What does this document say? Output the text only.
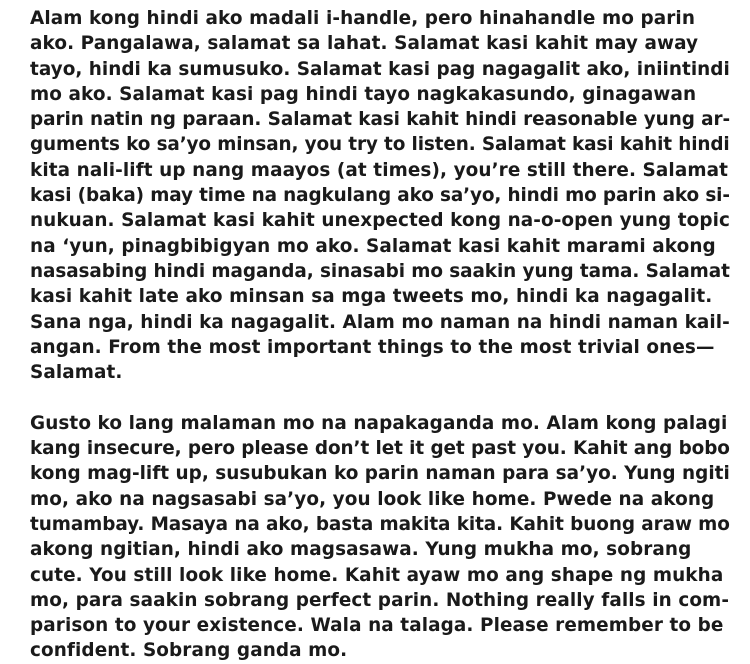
Alam kong hindi ako madali i-handle, pero hinahandle mo parin
ako. Pangalawa, salamat sa lahat. Salamat kasi kahit may away
tayo, hindi ka sumusuko. Salamat kasi pag nagagalit ako, iniintindi
mo ako. Salamat kasi pag hindi tayo nagkakasundo, ginagawan
parin natin ng paraan. Salamat kasi kahit hindi reasonable yung ar-
guments ko sa’yo minsan, you try to listen. Salamat kasi kahit hindi
kita nali-lift up nang maayos (at times), you’re still there. Salamat
kasi (baka) may time na nagkulang ako sa’yo, hindi mo parin ako si-
nukuan. Salamat kasi kahit unexpected kong na-o-open yung topic
na ‘yun, pinagbibigyan mo ako. Salamat kasi kahit marami akong
nasasabing hindi maganda, sinasabi mo saakin yung tama. Salamat
kasi kahit late ako minsan sa mga tweets mo, hindi ka nagagalit.
Sana nga, hindi ka nagagalit. Alam mo naman na hindi naman kail-
angan. From the most important things to the most trivial ones—
Salamat.
Gusto ko lang malaman mo na napakaganda mo. Alam kong palagi
kang insecure, pero please don’t let it get past you. Kahit ang bobo
kong mag-lift up, susubukan ko parin naman para sa’yo. Yung ngiti
mo, ako na nagsasabi sa’yo, you look like home. Pwede na akong
tumambay. Masaya na ako, basta makita kita. Kahit buong araw mo
akong ngitian, hindi ako magsasawa. Yung mukha mo, sobrang
cute. You still look like home. Kahit ayaw mo ang shape ng mukha
mo, para saakin sobrang perfect parin. Nothing really falls in com-
parison to your existence. Wala na talaga. Please remember to be
confident. Sobrang ganda mo.
